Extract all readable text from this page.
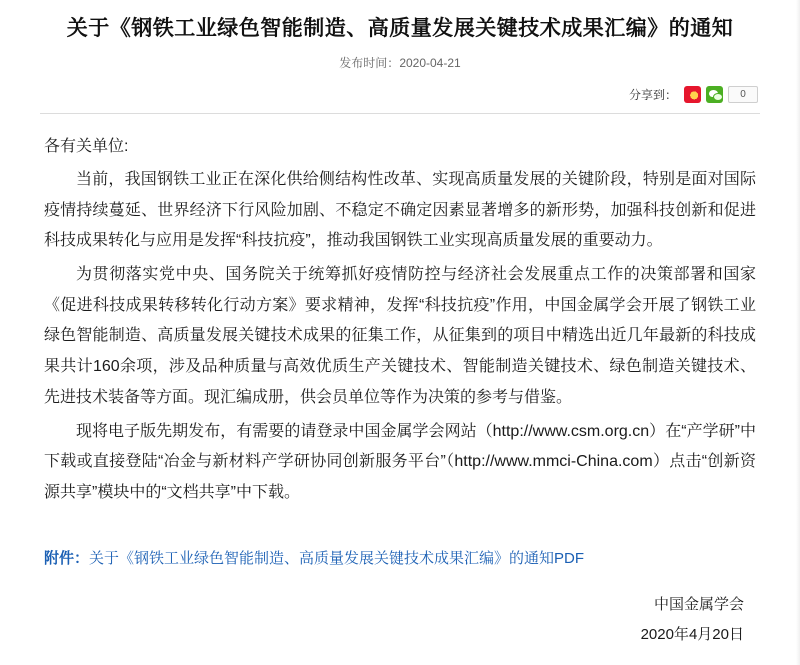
关于《钢铁工业绿色智能制造、高质量发展关键技术成果汇编》的通知
发布时间：2020-04-21
分享到：	0
各有关单位:

当前，我国钢铁工业正在深化供给侧结构性改革、实现高质量发展的关键阶段，特别是面对国际疫情持续蔓延、世界经济下行风险加剧、不稳定不确定因素显著增多的新形势，加强科技创新和促进科技成果转化与应用是发挥“科技抗疫”，推动我国钢铁工业实现高质量发展的重要动力。

为贯彻落实党中央、国务院关于统筹抓好疫情防控与经济社会发展重点工作的决策部署和国家《促进科技成果转移转化行动方案》要求精神，发挥“科技抗疫”作用，中国金属学会开展了钢铁工业绿色智能制造、高质量发展关键技术成果的征集工作，从征集到的项目中精选出近几年最新的科技成果共计160余项，涉及品种质量与高效优质生产关键技术、智能制造关键技术、绿色制造关键技术、先进技术装备等方面。现汇编成册，供会员单位等作为决策的参考与借鉴。

现将电子版先期发布，有需要的请登录中国金属学会网站（http://www.csm.org.cn）在“产学研”中下载或直接登陆“冶金与新材料产学研协同创新服务平台”（http://www.mmci-China.com）点击“创新资源共享”模块中的“文档共享”中下载。

附件：关于《钢铁工业绿色智能制造、高质量发展关键技术成果汇编》的通知PDF
中国金属学会
2020年4月20日
